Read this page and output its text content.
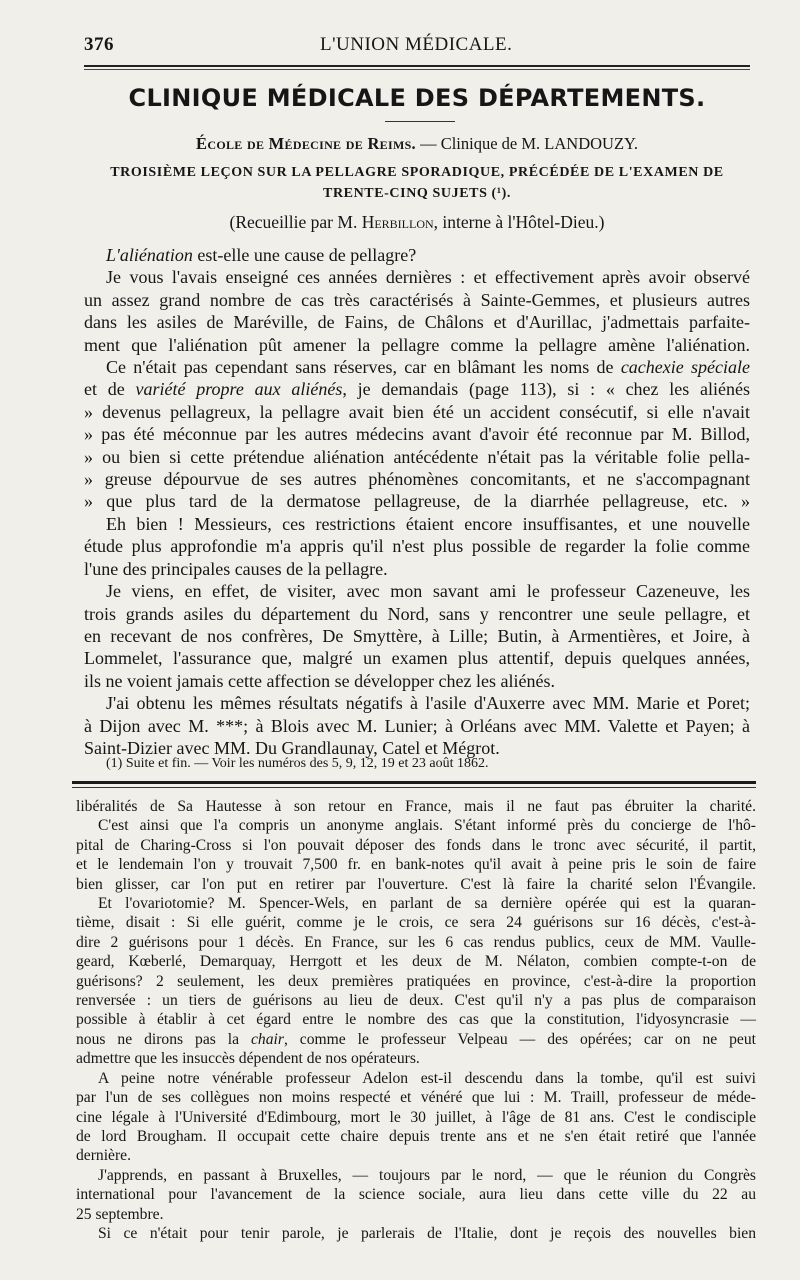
376	L'UNION MÉDICALE.
CLINIQUE MÉDICALE DES DÉPARTEMENTS.
École de Médecine de Reims. — Clinique de M. LANDOUZY.
TROISIÈME LEÇON SUR LA PELLAGRE SPORADIQUE, PRÉCÉDÉE DE L'EXAMEN DE
TRENTE-CINQ SUJETS (¹).
(Recueillie par M. Herbillon, interne à l'Hôtel-Dieu.)
L'aliénation est-elle une cause de pellagre?
Je vous l'avais enseigné ces années dernières : et effectivement après avoir observé
un assez grand nombre de cas très caractérisés à Sainte-Gemmes, et plusieurs autres
dans les asiles de Maréville, de Fains, de Châlons et d'Aurillac, j'admettais parfaite-
ment que l'aliénation pût amener la pellagre comme la pellagre amène l'aliénation.
Ce n'était pas cependant sans réserves, car en blâmant les noms de cachexie spéciale
et de variété propre aux aliénés, je demandais (page 113), si : « chez les aliénés
» devenus pellagreux, la pellagre avait bien été un accident consécutif, si elle n'avait
» pas été méconnue par les autres médecins avant d'avoir été reconnue par M. Billod,
» ou bien si cette prétendue aliénation antécédente n'était pas la véritable folie pella-
» greuse dépourvue de ses autres phénomènes concomitants, et ne s'accompagnant
» que plus tard de la dermatose pellagreuse, de la diarrhée pellagreuse, etc. »
Eh bien ! Messieurs, ces restrictions étaient encore insuffisantes, et une nouvelle
étude plus approfondie m'a appris qu'il n'est plus possible de regarder la folie comme
l'une des principales causes de la pellagre.
Je viens, en effet, de visiter, avec mon savant ami le professeur Cazeneuve, les
trois grands asiles du département du Nord, sans y rencontrer une seule pellagre, et
en recevant de nos confrères, De Smyttère, à Lille; Butin, à Armentières, et Joire, à
Lommelet, l'assurance que, malgré un examen plus attentif, depuis quelques années,
ils ne voient jamais cette affection se développer chez les aliénés.
J'ai obtenu les mêmes résultats négatifs à l'asile d'Auxerre avec MM. Marie et Poret;
à Dijon avec M. ***; à Blois avec M. Lunier; à Orléans avec MM. Valette et Payen; à
Saint-Dizier avec MM. Du Grandlaunay, Catel et Mégrot.
(1) Suite et fin. — Voir les numéros des 5, 9, 12, 19 et 23 août 1862.
libéralités de Sa Hautesse à son retour en France, mais il ne faut pas ébruiter la charité.
C'est ainsi que l'a compris un anonyme anglais. S'étant informé près du concierge de l'hô-
pital de Charing-Cross si l'on pouvait déposer des fonds dans le tronc avec sécurité, il partit,
et le lendemain l'on y trouvait 7,500 fr. en bank-notes qu'il avait à peine pris le soin de faire
bien glisser, car l'on put en retirer par l'ouverture. C'est là faire la charité selon l'Évangile.
Et l'ovariotomie? M. Spencer-Wels, en parlant de sa dernière opérée qui est la quaran-
tième, disait : Si elle guérit, comme je le crois, ce sera 24 guérisons sur 16 décès, c'est-à-
dire 2 guérisons pour 1 décès. En France, sur les 6 cas rendus publics, ceux de MM. Vaulle-
geard, Kœberlé, Demarquay, Herrgott et les deux de M. Nélaton, combien compte-t-on de
guérisons? 2 seulement, les deux premières pratiquées en province, c'est-à-dire la proportion
renversée : un tiers de guérisons au lieu de deux. C'est qu'il n'y a pas plus de comparaison
possible à établir à cet égard entre le nombre des cas que la constitution, l'idyosyncrasie —
nous ne dirons pas la chair, comme le professeur Velpeau — des opérées; car on ne peut
admettre que les insuccès dépendent de nos opérateurs.
A peine notre vénérable professeur Adelon est-il descendu dans la tombe, qu'il est suivi
par l'un de ses collègues non moins respecté et vénéré que lui : M. Traill, professeur de méde-
cine légale à l'Université d'Edimbourg, mort le 30 juillet, à l'âge de 81 ans. C'est le condisciple
de lord Brougham. Il occupait cette chaire depuis trente ans et ne s'en était retiré que l'année
dernière.
J'apprends, en passant à Bruxelles, — toujours par le nord, — que le réunion du Congrès
international pour l'avancement de la science sociale, aura lieu dans cette ville du 22 au
25 septembre.
Si ce n'était pour tenir parole, je parlerais de l'Italie, dont je reçois des nouvelles bien
